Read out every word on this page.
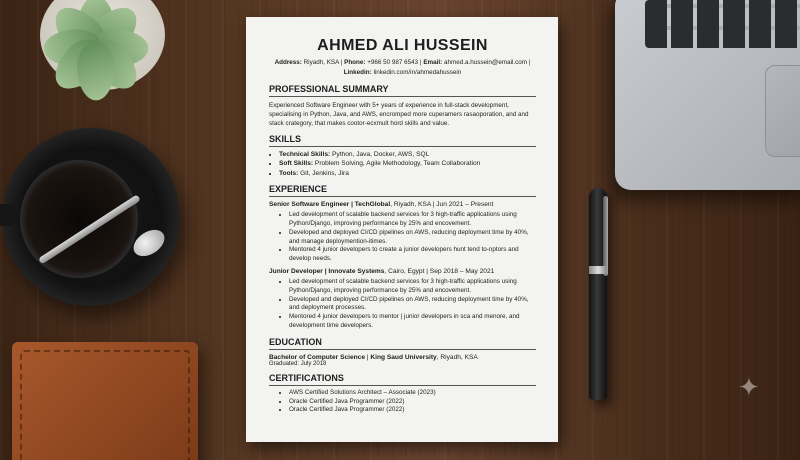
✦
AHMED ALI HUSSEIN
Address: Riyadh, KSA | Phone: +966 50 987 6543 | Email: ahmed.a.hussein@email.com |
Linkedin: linkedin.com/in/ahmedahussein
PROFESSIONAL SUMMARY
Experienced Software Engineer with 5+ years of experience in full-stack development, specialising in Python, Java, and AWS, encromped more cuperamers rasaoporation, and and stack crategory, that makes cootor-ecxmult hord skills and value.
SKILLS
• Technical Skills: Python, Java, Docker, AWS, SQL
• Soft Skills: Problem Solving, Agile Methodology, Team Collaboration
• Tools: Git, Jenkins, Jira
EXPERIENCE
Senior Software Engineer | TechGlobal, Riyadh, KSA | Jun 2021 – Present
• Led development of scalable backend services for 3 high-traffic applications using Python/Django, improving performance by 25% and encovement.
• Developed and deployed CI/CD pipelines on AWS, reducing deployment time by 40%, and manage deploymention-itimes.
• Mentored 4 junior developers to create a junior developers hunt tend to-nptors and develop needs.
Junior Developer | Innovate Systems, Cairo, Egypt | Sep 2018 – May 2021
• Led development of scalable backend services for 3 high-traffic applications using Python/Django, improving performance by 25% and encovement.
• Developed and deployed CI/CD pipelines on AWS, reducing deployment time by 40%, and deployment processes.
• Mentored 4 junior developers to mentor | junior developers in sca and menore, and development time developers.
EDUCATION
Bachelor of Computer Science | King Saud University, Riyadh, KSA
Graduated: July 2018
CERTIFICATIONS
• AWS Certified Solutions Architect – Associate (2023)
• Oracle Certified Java Programmer (2022)
• Oracle Certified Java Programmer (2022)
